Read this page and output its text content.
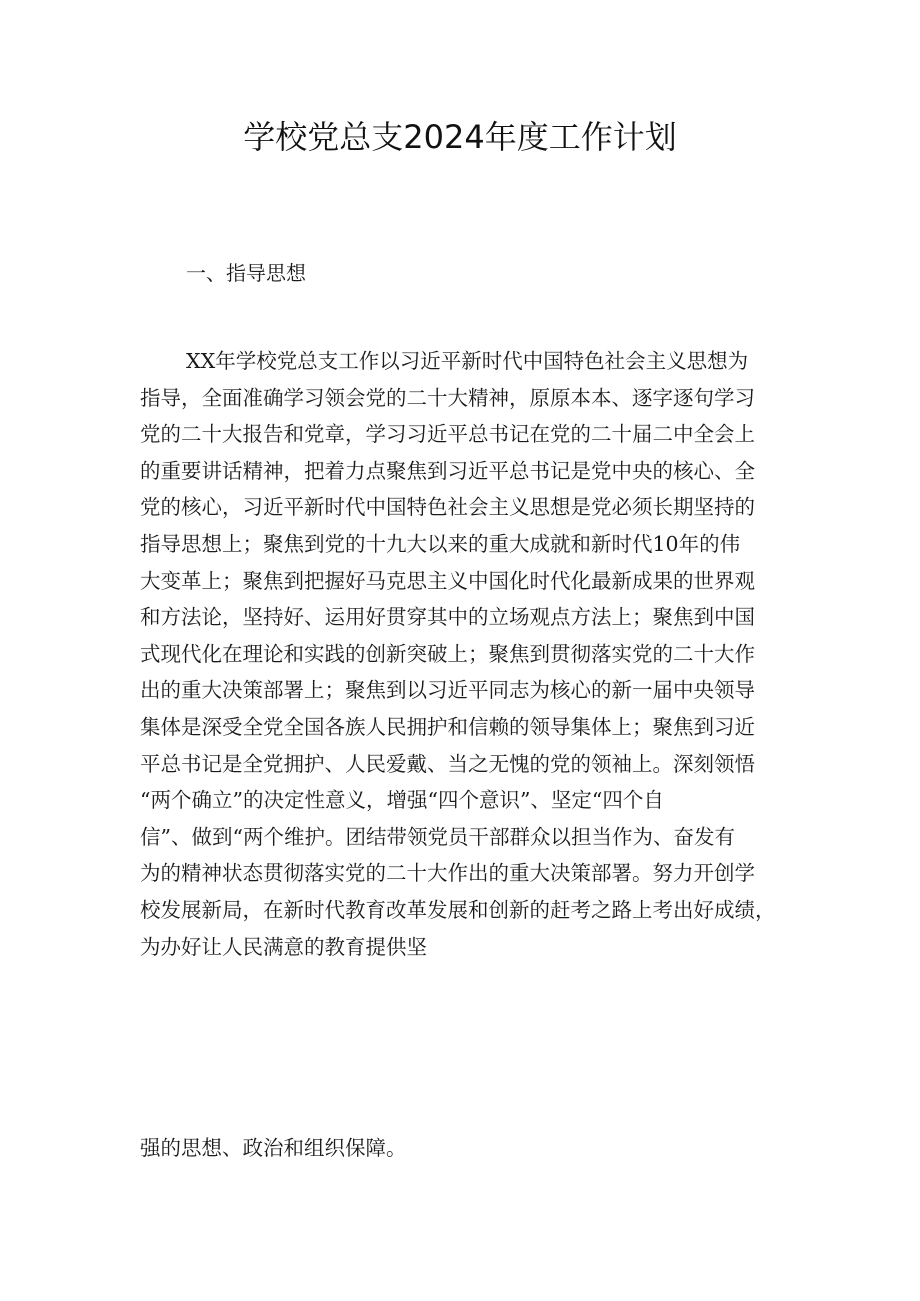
学校党总支2024年度工作计划
一、指导思想
XX年学校党总支工作以习近平新时代中国特色社会主义思想为
指导，全面准确学习领会党的二十大精神，原原本本、逐字逐句学习
党的二十大报告和党章，学习习近平总书记在党的二十届二中全会上
的重要讲话精神，把着力点聚焦到习近平总书记是党中央的核心、全
党的核心，习近平新时代中国特色社会主义思想是党必须长期坚持的
指导思想上；聚焦到党的十九大以来的重大成就和新时代10年的伟
大变革上；聚焦到把握好马克思主义中国化时代化最新成果的世界观
和方法论，坚持好、运用好贯穿其中的立场观点方法上；聚焦到中国
式现代化在理论和实践的创新突破上；聚焦到贯彻落实党的二十大作
出的重大决策部署上；聚焦到以习近平同志为核心的新一届中央领导
集体是深受全党全国各族人民拥护和信赖的领导集体上；聚焦到习近
平总书记是全党拥护、人民爱戴、当之无愧的党的领袖上。深刻领悟
“两个确立”的决定性意义，增强“四个意识”、坚定“四个自
信”、做到“两个维护。团结带领党员干部群众以担当作为、奋发有
为的精神状态贯彻落实党的二十大作出的重大决策部署。努力开创学
校发展新局，在新时代教育改革发展和创新的赶考之路上考出好成绩，
为办好让人民满意的教育提供坚
强的思想、政治和组织保障。
